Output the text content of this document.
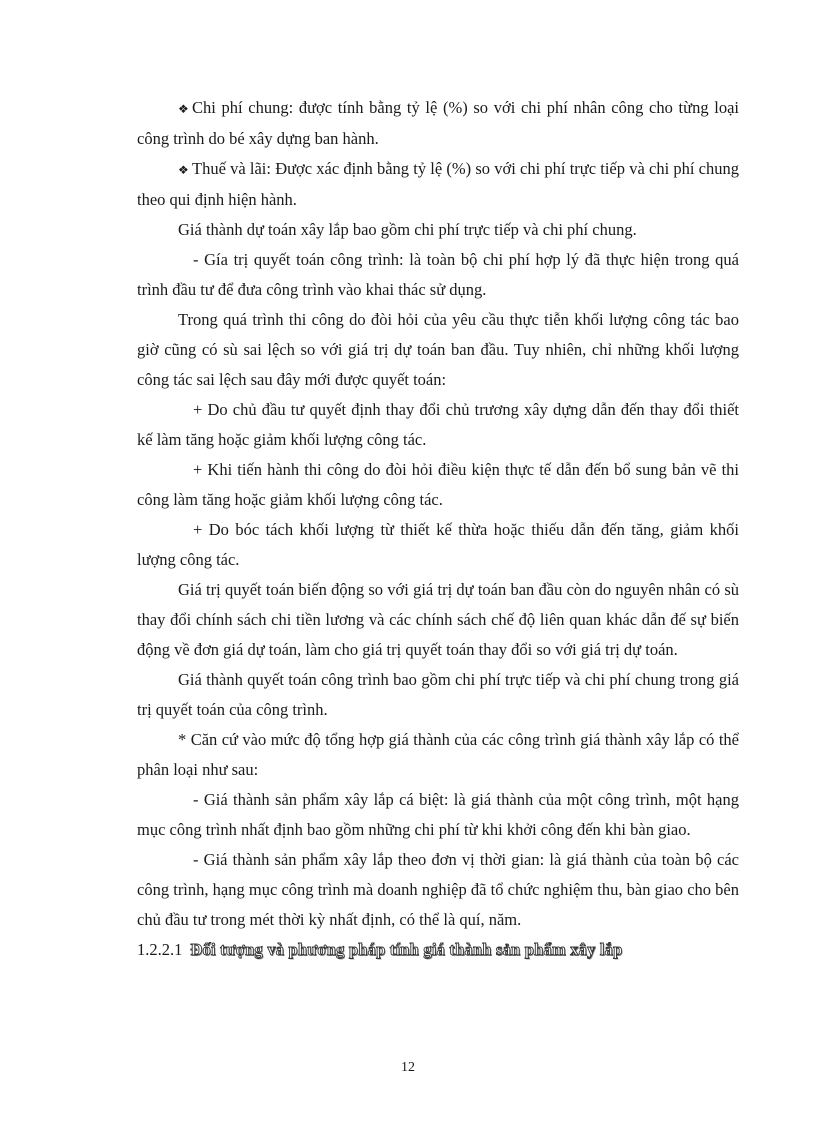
❖ Chi phí chung: được tính bằng tỷ lệ (%) so với chi phí nhân công cho từng loại công trình do bé xây dựng ban hành.

❖ Thuế và lãi: Được xác định bằng tỷ lệ (%) so với chi phí trực tiếp và chi phí chung theo qui định hiện hành.

Giá thành dự toán xây lắp bao gồm chi phí trực tiếp và chi phí chung.

- Gía trị quyết toán công trình: là toàn bộ chi phí hợp lý đã thực hiện trong quá trình đầu tư để đưa công trình vào khai thác sử dụng.

Trong quá trình thi công do đòi hỏi của yêu cầu thực tiễn khối lượng công tác bao giờ cũng có sù sai lệch so với giá trị dự toán ban đầu. Tuy nhiên, chỉ những khối lượng công tác sai lệch sau đây mới được quyết toán:

+ Do chủ đầu tư quyết định thay đổi chủ trương xây dựng dẫn đến thay đổi thiết kế làm tăng hoặc giảm khối lượng công tác.

+ Khi tiến hành thi công do đòi hỏi điều kiện thực tế dẫn đến bổ sung bản vẽ thi công làm tăng hoặc giảm khối lượng công tác.

+ Do bóc tách khối lượng từ thiết kế thừa hoặc thiếu dẫn đến tăng, giảm khối lượng công tác.

Giá trị quyết toán biến động so với giá trị dự toán ban đầu còn do nguyên nhân có sù thay đổi chính sách chi tiền lương và các chính sách chế độ liên quan khác dẫn đế sự biến động về đơn giá dự toán, làm cho giá trị quyết toán thay đổi so với giá trị dự toán.

Giá thành quyết toán công trình bao gồm chi phí trực tiếp và chi phí chung trong giá trị quyết toán của công trình.

* Căn cứ vào mức độ tổng hợp giá thành của các công trình giá thành xây lắp có thể phân loại như sau:

- Giá thành sản phẩm xây lắp cá biệt: là giá thành của một công trình, một hạng mục công trình nhất định bao gồm những chi phí từ khi khởi công đến khi bàn giao.

- Giá thành sản phẩm xây lắp theo đơn vị thời gian: là giá thành của toàn bộ các công trình, hạng mục công trình mà doanh nghiệp đã tổ chức nghiệm thu, bàn giao cho bên chủ đầu tư trong mét thời kỳ nhất định, có thể là quí, năm.

1.2.2.1 Đối tượng và phương pháp tính giá thành sản phẩm xây lắp
12
